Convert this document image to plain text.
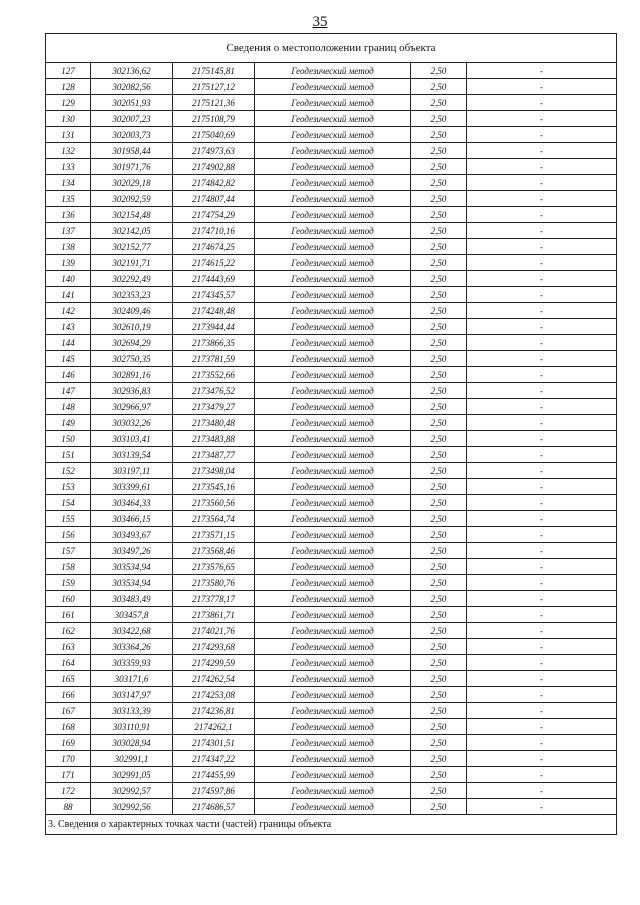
35
Сведения о местоположении границ объекта					
127	302136,62	2175145,81	Геодезический метод	2,50	-
128	302082,56	2175127,12	Геодезический метод	2,50	-
129	302051,93	2175121,36	Геодезический метод	2,50	-
130	302007,23	2175108,79	Геодезический метод	2,50	-
131	302003,73	2175040,69	Геодезический метод	2,50	-
132	301958,44	2174973,63	Геодезический метод	2,50	-
133	301971,76	2174902,88	Геодезический метод	2,50	-
134	302029,18	2174842,82	Геодезический метод	2,50	-
135	302092,59	2174807,44	Геодезический метод	2,50	-
136	302154,48	2174754,29	Геодезический метод	2,50	-
137	302142,05	2174710,16	Геодезический метод	2,50	-
138	302152,77	2174674,25	Геодезический метод	2,50	-
139	302191,71	2174615,22	Геодезический метод	2,50	-
140	302292,49	2174443,69	Геодезический метод	2,50	-
141	302353,23	2174345,57	Геодезический метод	2,50	-
142	302409,46	2174248,48	Геодезический метод	2,50	-
143	302610,19	2173944,44	Геодезический метод	2,50	-
144	302694,29	2173866,35	Геодезический метод	2,50	-
145	302750,35	2173781,59	Геодезический метод	2,50	-
146	302891,16	2173552,66	Геодезический метод	2,50	-
147	302936,83	2173476,52	Геодезический метод	2,50	-
148	302966,97	2173479,27	Геодезический метод	2,50	-
149	303032,26	2173480,48	Геодезический метод	2,50	-
150	303103,41	2173483,88	Геодезический метод	2,50	-
151	303139,54	2173487,77	Геодезический метод	2,50	-
152	303197,11	2173498,04	Геодезический метод	2,50	-
153	303399,61	2173545,16	Геодезический метод	2,50	-
154	303464,33	2173560,56	Геодезический метод	2,50	-
155	303466,15	2173564,74	Геодезический метод	2,50	-
156	303493,67	2173571,15	Геодезический метод	2,50	-
157	303497,26	2173568,46	Геодезический метод	2,50	-
158	303534,94	2173576,65	Геодезический метод	2,50	-
159	303534,94	2173580,76	Геодезический метод	2,50	-
160	303483,49	2173778,17	Геодезический метод	2,50	-
161	303457,8	2173861,71	Геодезический метод	2,50	-
162	303422,68	2174021,76	Геодезический метод	2,50	-
163	303364,26	2174293,68	Геодезический метод	2,50	-
164	303359,93	2174299,59	Геодезический метод	2,50	-
165	303171,6	2174262,54	Геодезический метод	2,50	-
166	303147,97	2174253,08	Геодезический метод	2,50	-
167	303133,39	2174236,81	Геодезический метод	2,50	-
168	303110,91	2174262,1	Геодезический метод	2,50	-
169	303028,94	2174301,51	Геодезический метод	2,50	-
170	302991,1	2174347,22	Геодезический метод	2,50	-
171	302991,05	2174455,99	Геодезический метод	2,50	-
172	302992,57	2174597,86	Геодезический метод	2,50	-
88	302992,56	2174686,57	Геодезический метод	2,50	-
3. Сведения о характерных точках части (частей) границы объекта					
